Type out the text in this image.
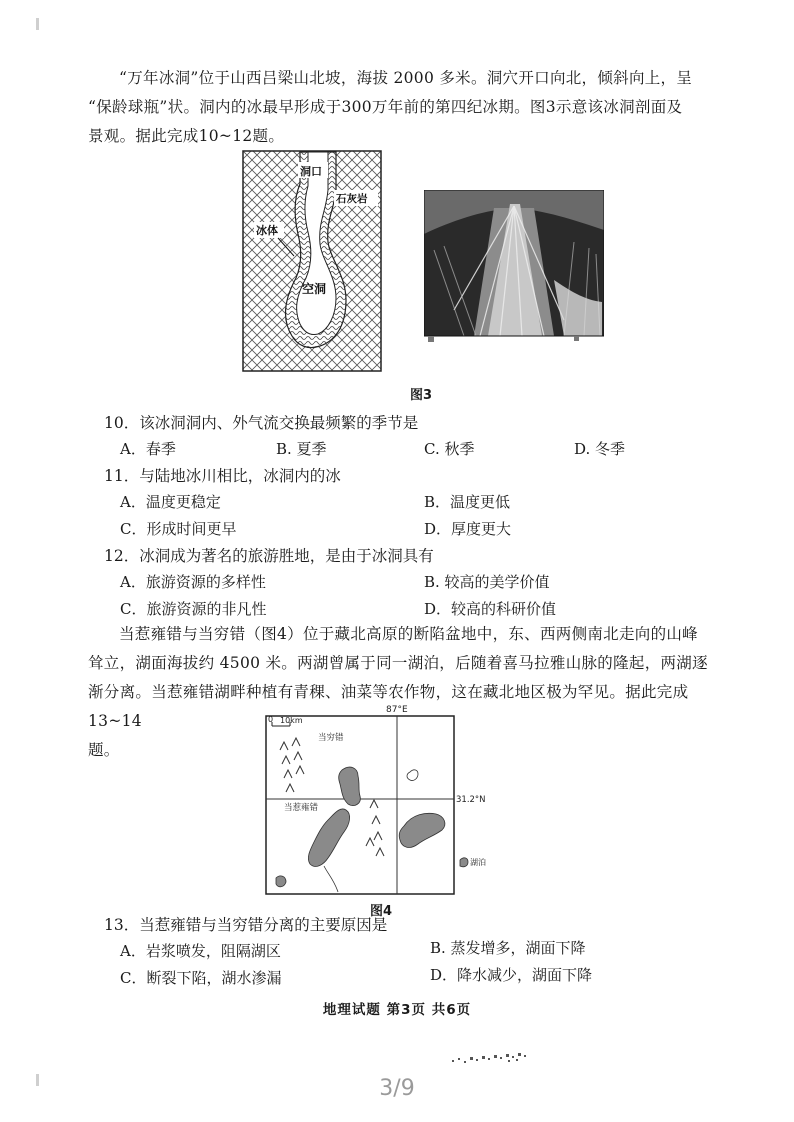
“万年冰洞”位于山西吕梁山北坡，海拔 2000 多米。洞穴开口向北，倾斜向上，呈
“保龄球瓶”状。洞内的冰最早形成于300万年前的第四纪冰期。图3示意该冰洞剖面及
景观。据此完成10~12题。
洞口
石灰岩
冰体
空洞
图3
10．该冰洞洞内、外气流交换最频繁的季节是
A．春季	B. 夏季	C. 秋季	D. 冬季
11．与陆地冰川相比，冰洞内的冰
A．温度更稳定	B．温度更低
C．形成时间更早	D．厚度更大
12．冰洞成为著名的旅游胜地，是由于冰洞具有
A．旅游资源的多样性	B. 较高的美学价值
C．旅游资源的非凡性	D．较高的科研价值
当惹雍错与当穷错（图4）位于藏北高原的断陷盆地中，东、西两侧南北走向的山峰
耸立，湖面海拔约 4500 米。两湖曾属于同一湖泊，后随着喜马拉雅山脉的隆起，两湖逐
渐分离。当惹雍错湖畔种植有青稞、油菜等农作物，这在藏北地区极为罕见。据此完成 13~14
题。
87°E
31.2°N
0 10km
当穷错
当惹雍错
湖泊
图4
13．当惹雍错与当穷错分离的主要原因是
A．岩浆喷发，阻隔湖区	B. 蒸发增多，湖面下降
C．断裂下陷，湖水渗漏	D．降水减少，湖面下降
地理试题 第3页 共6页
3/9
